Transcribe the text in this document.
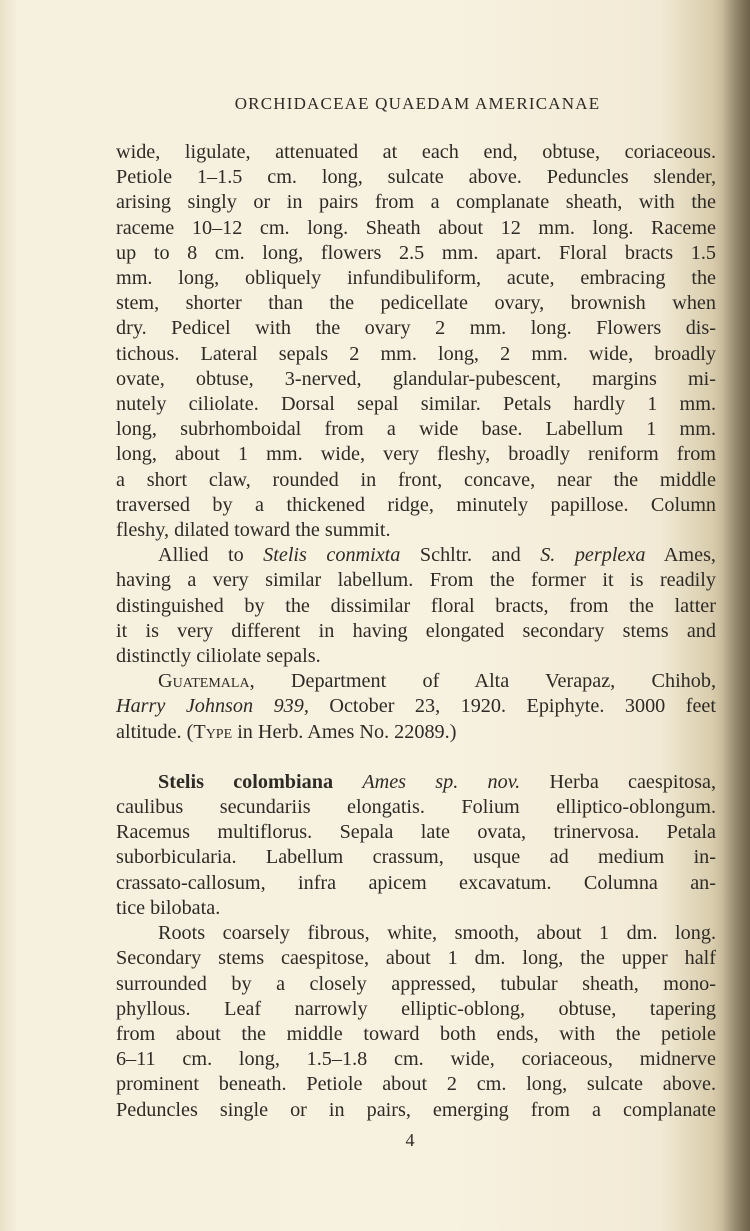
ORCHIDACEAE QUAEDAM AMERICANAE
wide, ligulate, attenuated at each end, obtuse, coriaceous.
Petiole 1–1.5 cm. long, sulcate above. Peduncles slender,
arising singly or in pairs from a complanate sheath, with the
raceme 10–12 cm. long. Sheath about 12 mm. long. Raceme
up to 8 cm. long, flowers 2.5 mm. apart. Floral bracts 1.5
mm. long, obliquely infundibuliform, acute, embracing the
stem, shorter than the pedicellate ovary, brownish when
dry. Pedicel with the ovary 2 mm. long. Flowers dis-
tichous. Lateral sepals 2 mm. long, 2 mm. wide, broadly
ovate, obtuse, 3-nerved, glandular-pubescent, margins mi-
nutely ciliolate. Dorsal sepal similar. Petals hardly 1 mm.
long, subrhomboidal from a wide base. Labellum 1 mm.
long, about 1 mm. wide, very fleshy, broadly reniform from
a short claw, rounded in front, concave, near the middle
traversed by a thickened ridge, minutely papillose. Column
fleshy, dilated toward the summit.
Allied to Stelis conmixta Schltr. and S. perplexa Ames,
having a very similar labellum. From the former it is readily
distinguished by the dissimilar floral bracts, from the latter
it is very different in having elongated secondary stems and
distinctly ciliolate sepals.
Guatemala, Department of Alta Verapaz, Chihob,
Harry Johnson 939, October 23, 1920. Epiphyte. 3000 feet
altitude. (Type in Herb. Ames No. 22089.)
Stelis colombiana Ames sp. nov. Herba caespitosa,
caulibus secundariis elongatis. Folium elliptico-oblongum.
Racemus multiflorus. Sepala late ovata, trinervosa. Petala
suborbicularia. Labellum crassum, usque ad medium in-
crassato-callosum, infra apicem excavatum. Columna an-
tice bilobata.
Roots coarsely fibrous, white, smooth, about 1 dm. long.
Secondary stems caespitose, about 1 dm. long, the upper half
surrounded by a closely appressed, tubular sheath, mono-
phyllous. Leaf narrowly elliptic-oblong, obtuse, tapering
from about the middle toward both ends, with the petiole
6–11 cm. long, 1.5–1.8 cm. wide, coriaceous, midnerve
prominent beneath. Petiole about 2 cm. long, sulcate above.
Peduncles single or in pairs, emerging from a complanate
4
